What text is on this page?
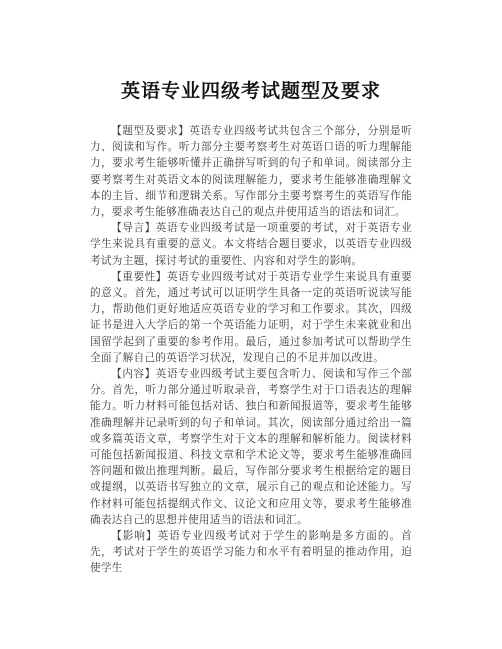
英语专业四级考试题型及要求

【题型及要求】英语专业四级考试共包含三个部分，分别是听力、阅读和写作。听力部分主要考察考生对英语口语的听力理解能力，要求考生能够听懂并正确拼写听到的句子和单词。阅读部分主要考察考生对英语文本的阅读理解能力，要求考生能够准确理解文本的主旨、细节和逻辑关系。写作部分主要考察考生的英语写作能力，要求考生能够准确表达自己的观点并使用适当的语法和词汇。

【导言】英语专业四级考试是一项重要的考试，对于英语专业学生来说具有重要的意义。本文将结合题目要求，以英语专业四级考试为主题，探讨考试的重要性、内容和对学生的影响。

【重要性】英语专业四级考试对于英语专业学生来说具有重要的意义。首先，通过考试可以证明学生具备一定的英语听说读写能力，帮助他们更好地适应英语专业的学习和工作要求。其次，四级证书是进入大学后的第一个英语能力证明，对于学生未来就业和出国留学起到了重要的参考作用。最后，通过参加考试可以帮助学生全面了解自己的英语学习状况，发现自己的不足并加以改进。

【内容】英语专业四级考试主要包含听力、阅读和写作三个部分。首先，听力部分通过听取录音，考察学生对于口语表达的理解能力。听力材料可能包括对话、独白和新闻报道等，要求考生能够准确理解并记录听到的句子和单词。其次，阅读部分通过给出一篇或多篇英语文章，考察学生对于文本的理解和解析能力。阅读材料可能包括新闻报道、科技文章和学术论文等，要求考生能够准确回答问题和做出推理判断。最后，写作部分要求考生根据给定的题目或提纲，以英语书写独立的文章，展示自己的观点和论述能力。写作材料可能包括提纲式作文、议论文和应用文等，要求考生能够准确表达自己的思想并使用适当的语法和词汇。

【影响】英语专业四级考试对于学生的影响是多方面的。首先，考试对于学生的英语学习能力和水平有着明显的推动作用，迫使学生
